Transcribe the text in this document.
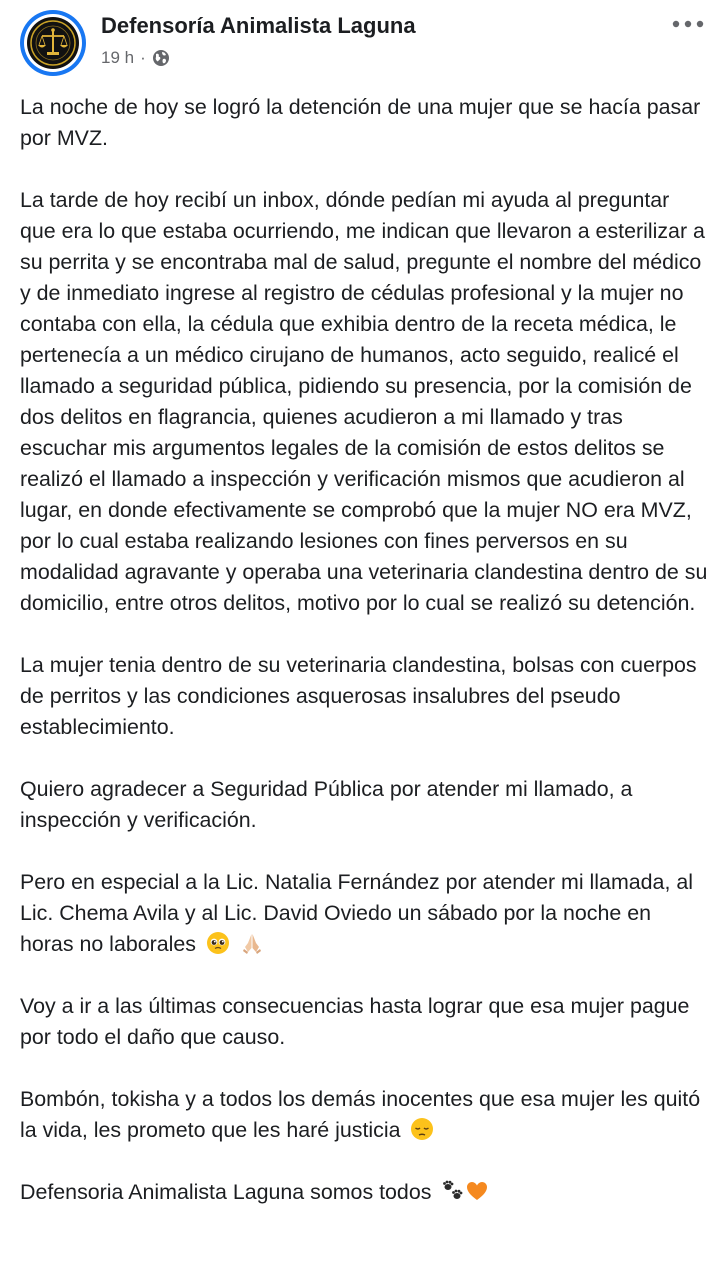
Defensoría Animalista Laguna
19 h ·

La noche de hoy se logró la detención de una mujer que se hacía pasar por MVZ.

La tarde de hoy recibí un inbox, dónde pedían mi ayuda al preguntar que era lo que estaba ocurriendo, me indican que llevaron a esterilizar a su perrita y se encontraba mal de salud, pregunte el nombre del médico y de inmediato ingrese al registro de cédulas profesional y la mujer no contaba con ella, la cédula que exhibia dentro de la receta médica, le pertenecía a un médico cirujano de humanos, acto seguido, realicé el llamado a seguridad pública, pidiendo su presencia, por la comisión de dos delitos en flagrancia, quienes acudieron a mi llamado y tras escuchar mis argumentos legales de la comisión de estos delitos se realizó el llamado a inspección y verificación mismos que acudieron al lugar, en donde efectivamente se comprobó que la mujer NO era MVZ, por lo cual estaba realizando lesiones con fines perversos en su modalidad agravante y operaba una veterinaria clandestina dentro de su domicilio, entre otros delitos, motivo por lo cual se realizó su detención.

La mujer tenia dentro de su veterinaria clandestina, bolsas con cuerpos de perritos y las condiciones asquerosas insalubres del pseudo establecimiento.

Quiero agradecer a Seguridad Pública por atender mi llamado, a inspección y verificación.

Pero en especial a la Lic. Natalia Fernández por atender mi llamada, al Lic. Chema Avila y al Lic. David Oviedo un sábado por la noche en horas no laborales

Voy a ir a las últimas consecuencias hasta lograr que esa mujer pague por todo el daño que causo.

Bombón, tokisha y a todos los demás inocentes que esa mujer les quitó la vida, les prometo que les haré justicia

Defensoria Animalista Laguna somos todos
